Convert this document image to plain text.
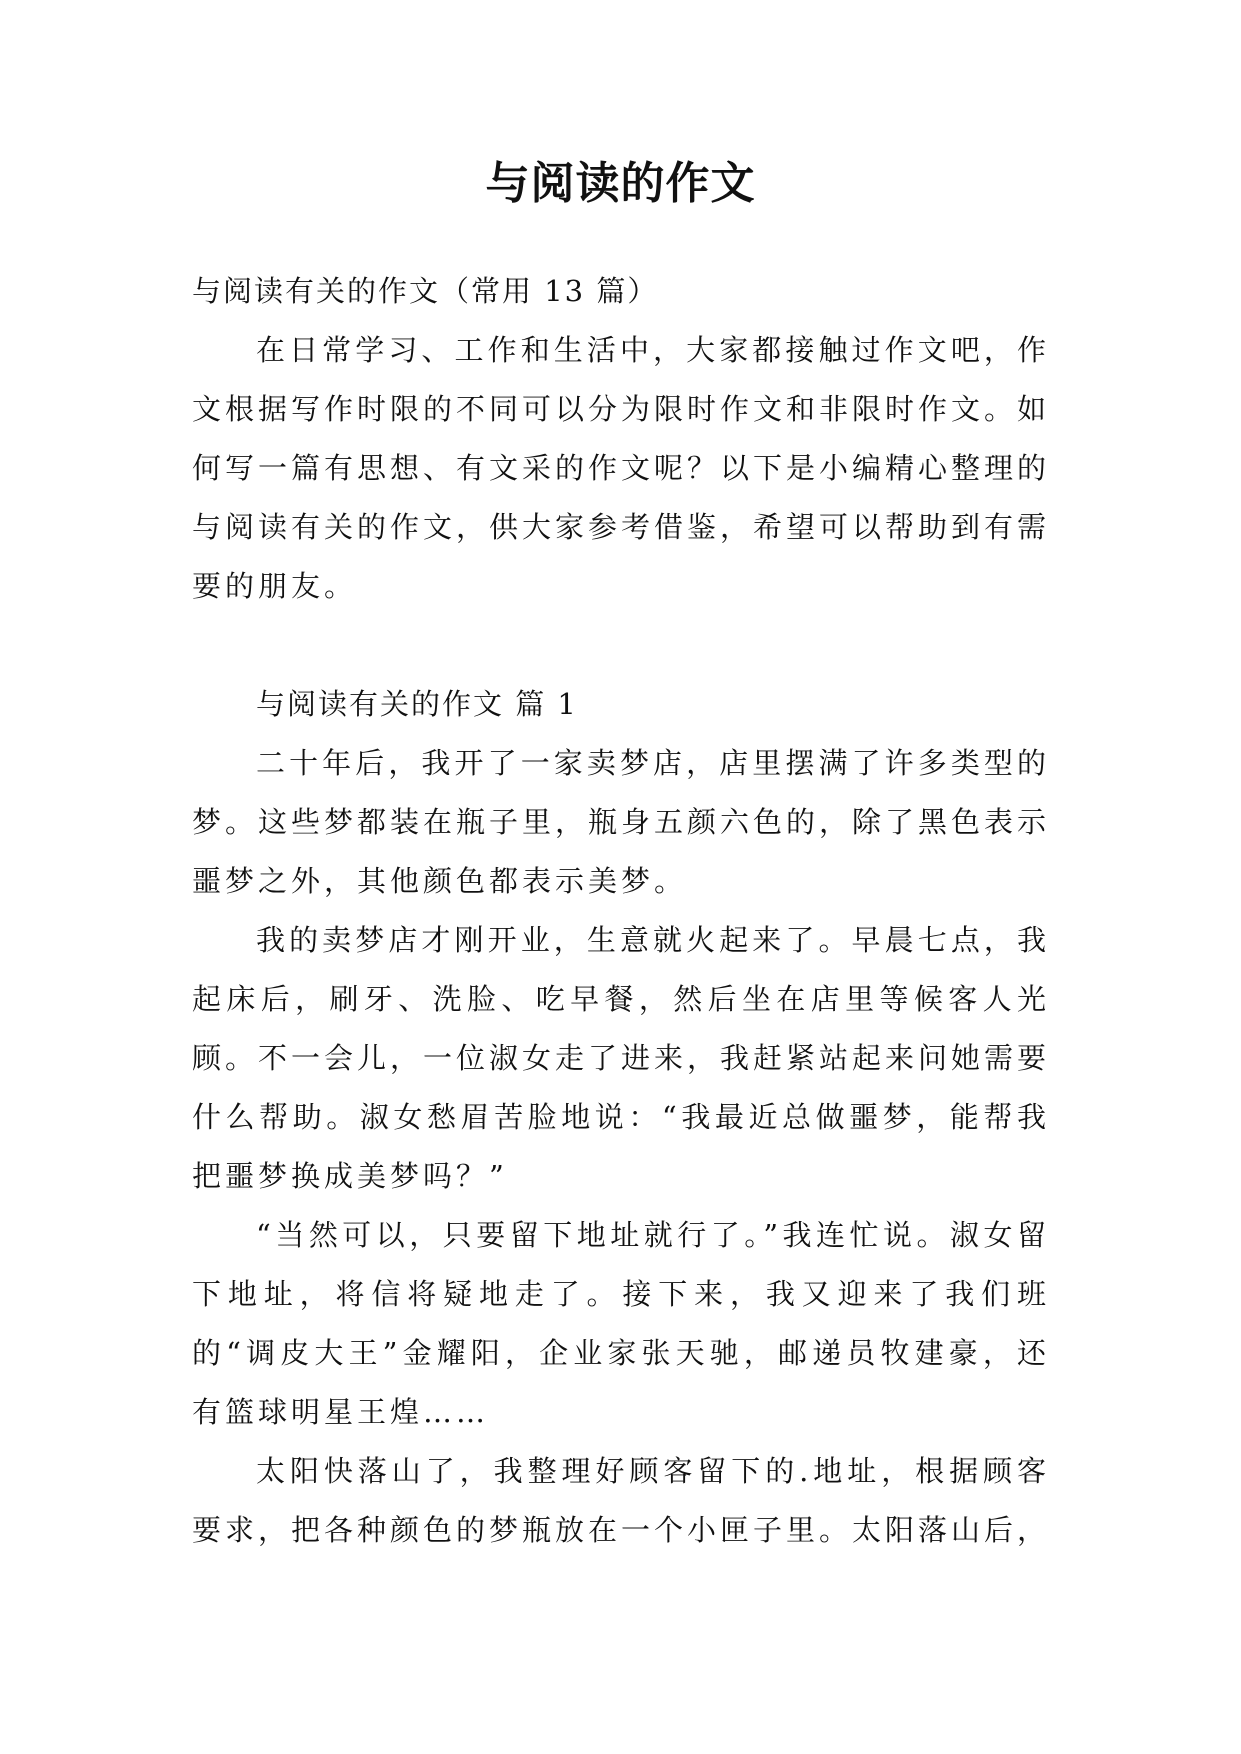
与阅读的作文

与阅读有关的作文（常用 13 篇）

在日常学习、工作和生活中，大家都接触过作文吧，作文根据写作时限的不同可以分为限时作文和非限时作文。如何写一篇有思想、有文采的作文呢？以下是小编精心整理的与阅读有关的作文，供大家参考借鉴，希望可以帮助到有需要的朋友。

与阅读有关的作文 篇 1

二十年后，我开了一家卖梦店，店里摆满了许多类型的梦。这些梦都装在瓶子里，瓶身五颜六色的，除了黑色表示噩梦之外，其他颜色都表示美梦。

我的卖梦店才刚开业，生意就火起来了。早晨七点，我起床后，刷牙、洗脸、吃早餐，然后坐在店里等候客人光顾。不一会儿，一位淑女走了进来，我赶紧站起来问她需要什么帮助。淑女愁眉苦脸地说：“我最近总做噩梦，能帮我把噩梦换成美梦吗？”

“当然可以，只要留下地址就行了。”我连忙说。淑女留下地址，将信将疑地走了。接下来，我又迎来了我们班的“调皮大王”金耀阳，企业家张天驰，邮递员牧建豪，还有篮球明星王煌……

太阳快落山了，我整理好顾客留下的.地址，根据顾客要求，把各种颜色的梦瓶放在一个小匣子里。太阳落山后，
